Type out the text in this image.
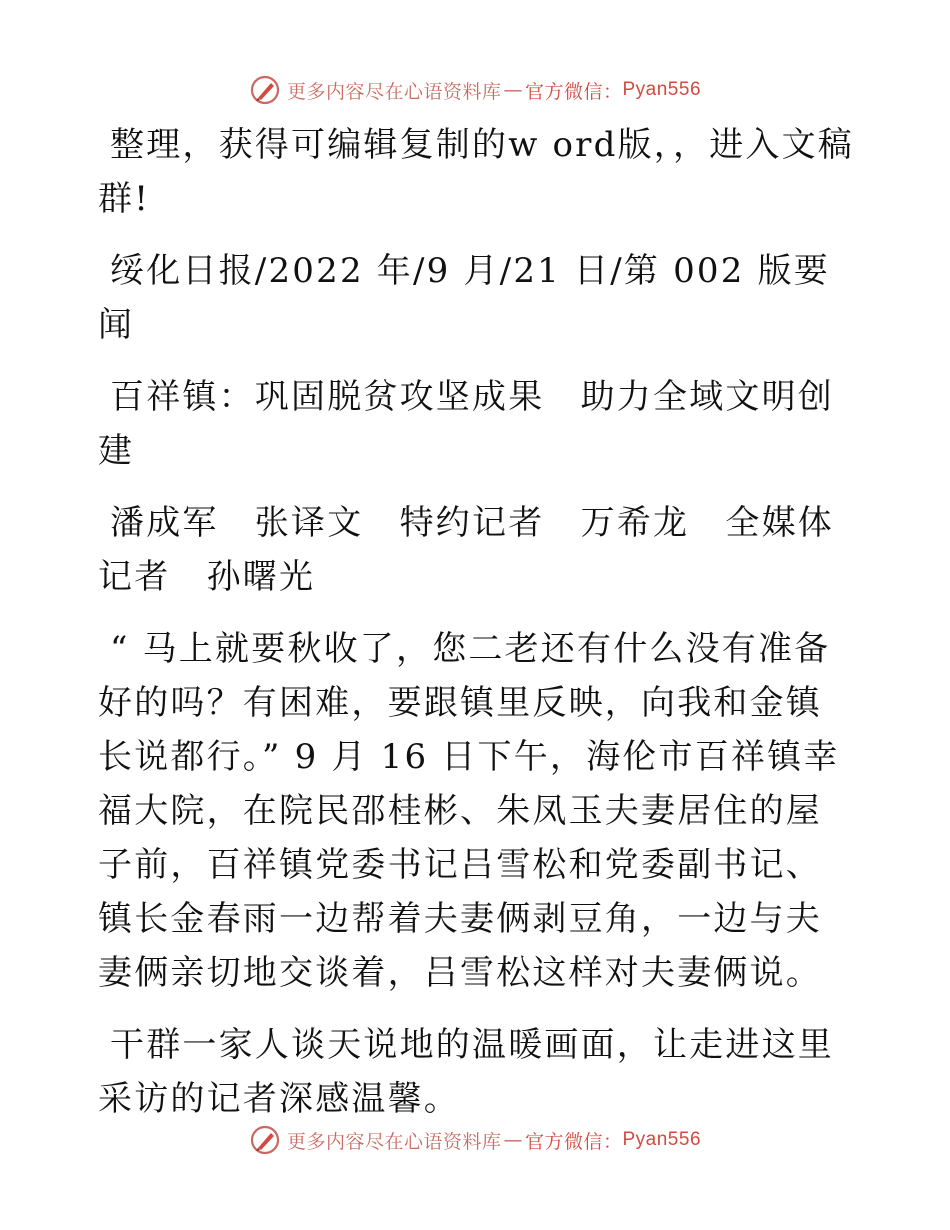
更多内容尽在心语资料库 — 官方微信： Pyan556

整理，获得可编辑复制的w ord版，，进入文稿群!

绥化日报/2022 年/9 月/21 日/第 002 版要闻

百祥镇：巩固脱贫攻坚成果　助力全域文明创建

潘成军　张译文　特约记者　万希龙　全媒体记者　孙曙光

“ 马上就要秋收了，您二老还有什么没有准备好的吗？有困难，要跟镇里反映，向我和金镇长说都行。” 9 月 16 日下午，海伦市百祥镇幸福大院，在院民邵桂彬、朱凤玉夫妻居住的屋子前，百祥镇党委书记吕雪松和党委副书记、镇长金春雨一边帮着夫妻俩剥豆角，一边与夫妻俩亲切地交谈着，吕雪松这样对夫妻俩说。

干群一家人谈天说地的温暖画面，让走进这里采访的记者深感温馨。

更多内容尽在心语资料库 — 官方微信： Pyan556
